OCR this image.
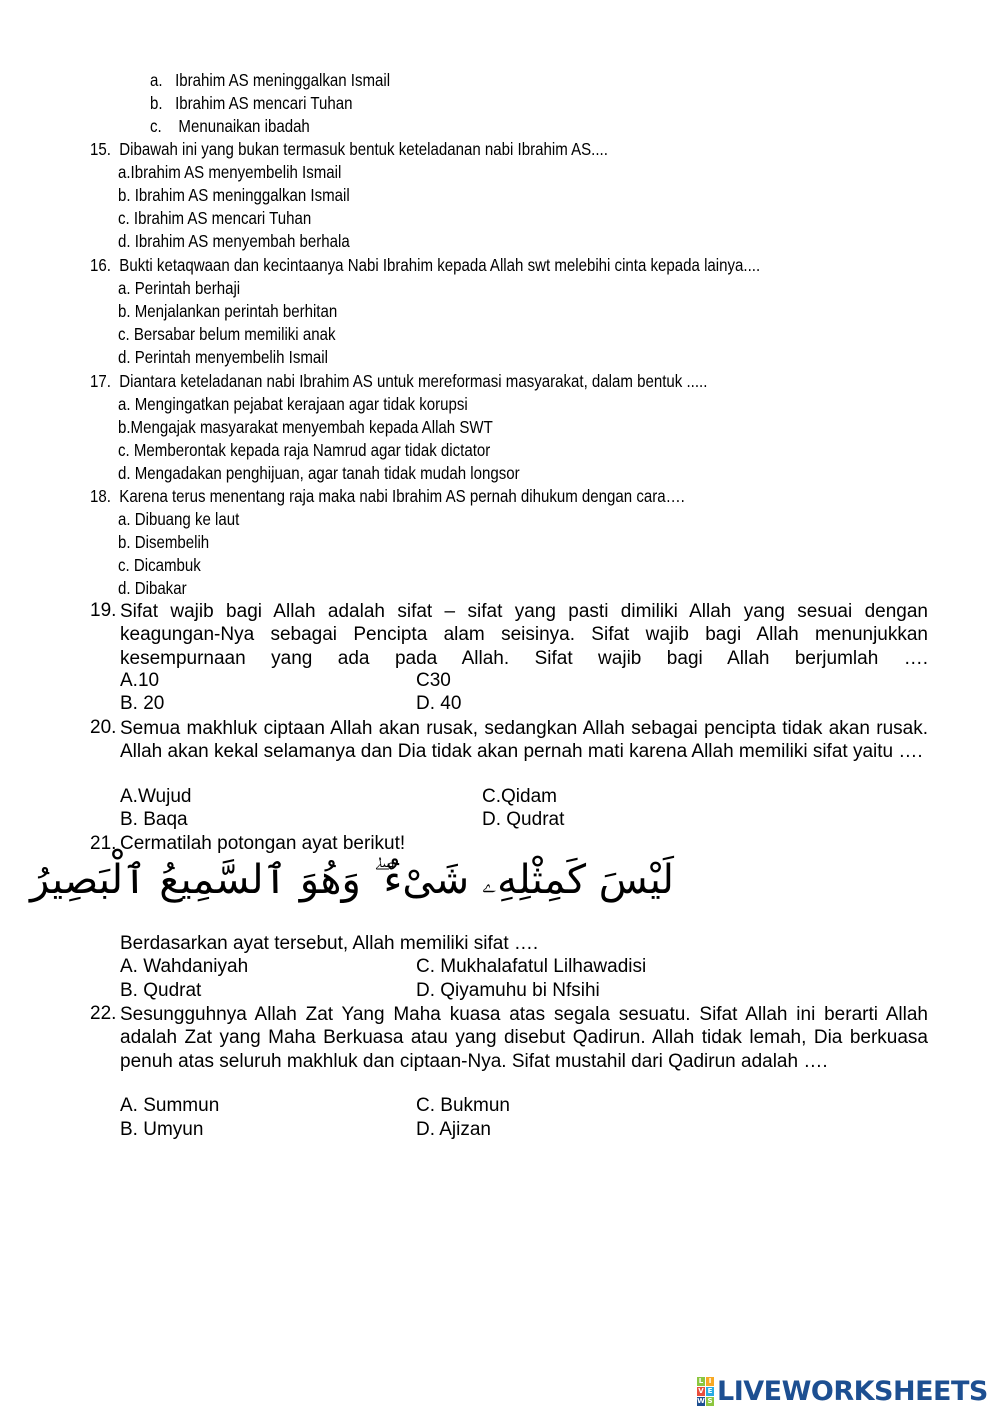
a.   Ibrahim AS meninggalkan Ismail
b.   Ibrahim AS mencari Tuhan
c.    Menunaikan ibadah
15. Dibawah ini yang bukan termasuk bentuk keteladanan nabi Ibrahim AS....
a.Ibrahim AS menyembelih Ismail
b. Ibrahim AS meninggalkan Ismail
c. Ibrahim AS mencari Tuhan
d. Ibrahim AS menyembah berhala
16. Bukti ketaqwaan dan kecintaanya Nabi Ibrahim kepada Allah swt melebihi cinta kepada lainya....
a. Perintah berhaji
b. Menjalankan perintah berhitan
c. Bersabar belum memiliki anak
d. Perintah menyembelih Ismail
17. Diantara keteladanan nabi Ibrahim AS untuk mereformasi masyarakat, dalam bentuk .....
a. Mengingatkan pejabat kerajaan agar tidak korupsi
b.Mengajak masyarakat menyembah kepada Allah SWT
c. Memberontak kepada raja Namrud agar tidak dictator
d. Mengadakan penghijuan, agar tanah tidak mudah longsor
18. Karena terus menentang raja maka nabi Ibrahim AS pernah dihukum dengan cara….
a. Dibuang ke laut
b. Disembelih
c. Dicambuk
d. Dibakar
19. Sifat wajib bagi Allah adalah sifat – sifat yang pasti dimiliki Allah yang sesuai dengan keagungan-Nya sebagai Pencipta alam seisinya. Sifat wajib bagi Allah menunjukkan kesempurnaan yang ada pada Allah. Sifat wajib bagi Allah berjumlah ….
A.10	C30
B. 20	D. 40
20. Semua makhluk ciptaan Allah akan rusak, sedangkan Allah sebagai pencipta tidak akan rusak. Allah akan kekal selamanya dan Dia tidak akan pernah mati karena Allah memiliki sifat yaitu ….
A.Wujud	C.Qidam
B. Baqa	D. Qudrat
21. Cermatilah potongan ayat berikut!
لَيْسَ كَمِثْلِهِۦ شَىْءٌ ۖ وَهُوَ ٱلسَّمِيعُ ٱلْبَصِيرُ
Berdasarkan ayat tersebut, Allah memiliki sifat ….
A. Wahdaniyah	C. Mukhalafatul Lilhawadisi
B. Qudrat	D. Qiyamuhu bi Nfsihi
22. Sesungguhnya Allah Zat Yang Maha kuasa atas segala sesuatu. Sifat Allah ini berarti Allah adalah Zat yang Maha Berkuasa atau yang disebut Qadirun. Allah tidak lemah, Dia berkuasa penuh atas seluruh makhluk dan ciptaan-Nya. Sifat mustahil dari Qadirun adalah ….
A. Summun	C. Bukmun
B. Umyun	D. Ajizan
L I
V E
W S LIVEWORKSHEETS
